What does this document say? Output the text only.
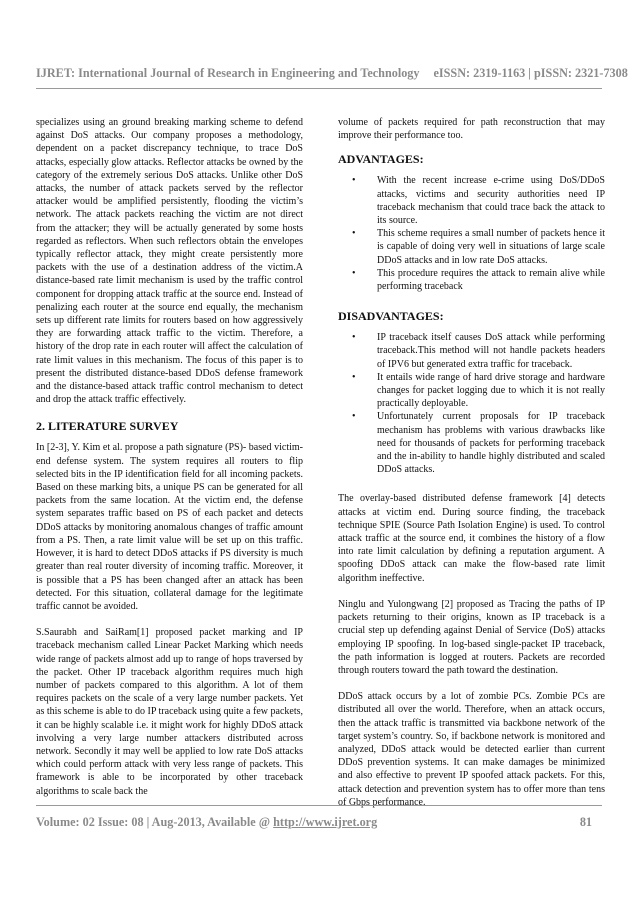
IJRET: International Journal of Research in Engineering and Technology eISSN: 2319-1163 | pISSN: 2321-7308

specializes using an ground breaking marking scheme to defend against DoS attacks. Our company proposes a methodology, dependent on a packet discrepancy technique, to trace DoS attacks, especially glow attacks. Reflector attacks be owned by the category of the extremely serious DoS attacks. Unlike other DoS attacks, the number of attack packets served by the reflector attacker would be amplified persistently, flooding the victim’s network. The attack packets reaching the victim are not direct from the attacker; they will be actually generated by some hosts regarded as reflectors. When such reflectors obtain the envelopes typically reflector attack, they might create persistently more packets with the use of a destination address of the victim.A distance-based rate limit mechanism is used by the traffic control component for dropping attack traffic at the source end. Instead of penalizing each router at the source end equally, the mechanism sets up different rate limits for routers based on how aggressively they are forwarding attack traffic to the victim. Therefore, a history of the drop rate in each router will affect the calculation of rate limit values in this mechanism. The focus of this paper is to present the distributed distance-based DDoS defense framework and the distance-based attack traffic control mechanism to detect and drop the attack traffic effectively.

2. LITERATURE SURVEY

In [2-3], Y. Kim et al. propose a path signature (PS)- based victim-end defense system. The system requires all routers to flip selected bits in the IP identification field for all incoming packets. Based on these marking bits, a unique PS can be generated for all packets from the same location. At the victim end, the defense system separates traffic based on PS of each packet and detects DDoS attacks by monitoring anomalous changes of traffic amount from a PS. Then, a rate limit value will be set up on this traffic. However, it is hard to detect DDoS attacks if PS diversity is much greater than real router diversity of incoming traffic. Moreover, it is possible that a PS has been changed after an attack has been detected. For this situation, collateral damage for the legitimate traffic cannot be avoided.

S.Saurabh and SaiRam[1] proposed packet marking and IP traceback mechanism called Linear Packet Marking which needs wide range of packets almost add up to range of hops traversed by the packet. Other IP traceback algorithm requires much high number of packets compared to this algorithm. A lot of them requires packets on the scale of a very large number packets. Yet as this scheme is able to do IP traceback using quite a few packets, it can be highly scalable i.e. it might work for highly DDoS attack involving a very large number attackers distributed across network. Secondly it may well be applied to low rate DoS attacks which could perform attack with very less range of packets. This framework is able to be incorporated by other traceback algorithms to scale back the

volume of packets required for path reconstruction that may improve their performance too.

ADVANTAGES:
• With the recent increase e-crime using DoS/DDoS attacks, victims and security authorities need IP traceback mechanism that could trace back the attack to its source.
• This scheme requires a small number of packets hence it is capable of doing very well in situations of large scale DDoS attacks and in low rate DoS attacks.
• This procedure requires the attack to remain alive while performing traceback
DISADVANTAGES:
• IP traceback itself causes DoS attack while performing traceback.This method will not handle packets headers of IPV6 but generated extra traffic for traceback.
• It entails wide range of hard drive storage and hardware changes for packet logging due to which it is not really practically deployable.
• Unfortunately current proposals for IP traceback mechanism has problems with various drawbacks like need for thousands of packets for performing traceback and the in-ability to handle highly distributed and scaled DDoS attacks.

The overlay-based distributed defense framework [4] detects attacks at victim end. During source finding, the traceback technique SPIE (Source Path Isolation Engine) is used. To control attack traffic at the source end, it combines the history of a flow into rate limit calculation by defining a reputation argument. A spoofing DDoS attack can make the flow-based rate limit algorithm ineffective.

Ninglu and Yulongwang [2] proposed as Tracing the paths of IP packets returning to their origins, known as IP traceback is a crucial step up defending against Denial of Service (DoS) attacks employing IP spoofing. In log-based single-packet IP traceback, the path information is logged at routers. Packets are recorded through routers toward the path toward the destination.

DDoS attack occurs by a lot of zombie PCs. Zombie PCs are distributed all over the world. Therefore, when an attack occurs, then the attack traffic is transmitted via backbone network of the target system’s country. So, if backbone network is monitored and analyzed, DDoS attack would be detected earlier than current DDoS prevention systems. It can make damages be minimized and also effective to prevent IP spoofed attack packets. For this, attack detection and prevention system has to offer more than tens of Gbps performance.

Volume: 02 Issue: 08 | Aug-2013, Available @ http://www.ijret.org	81
